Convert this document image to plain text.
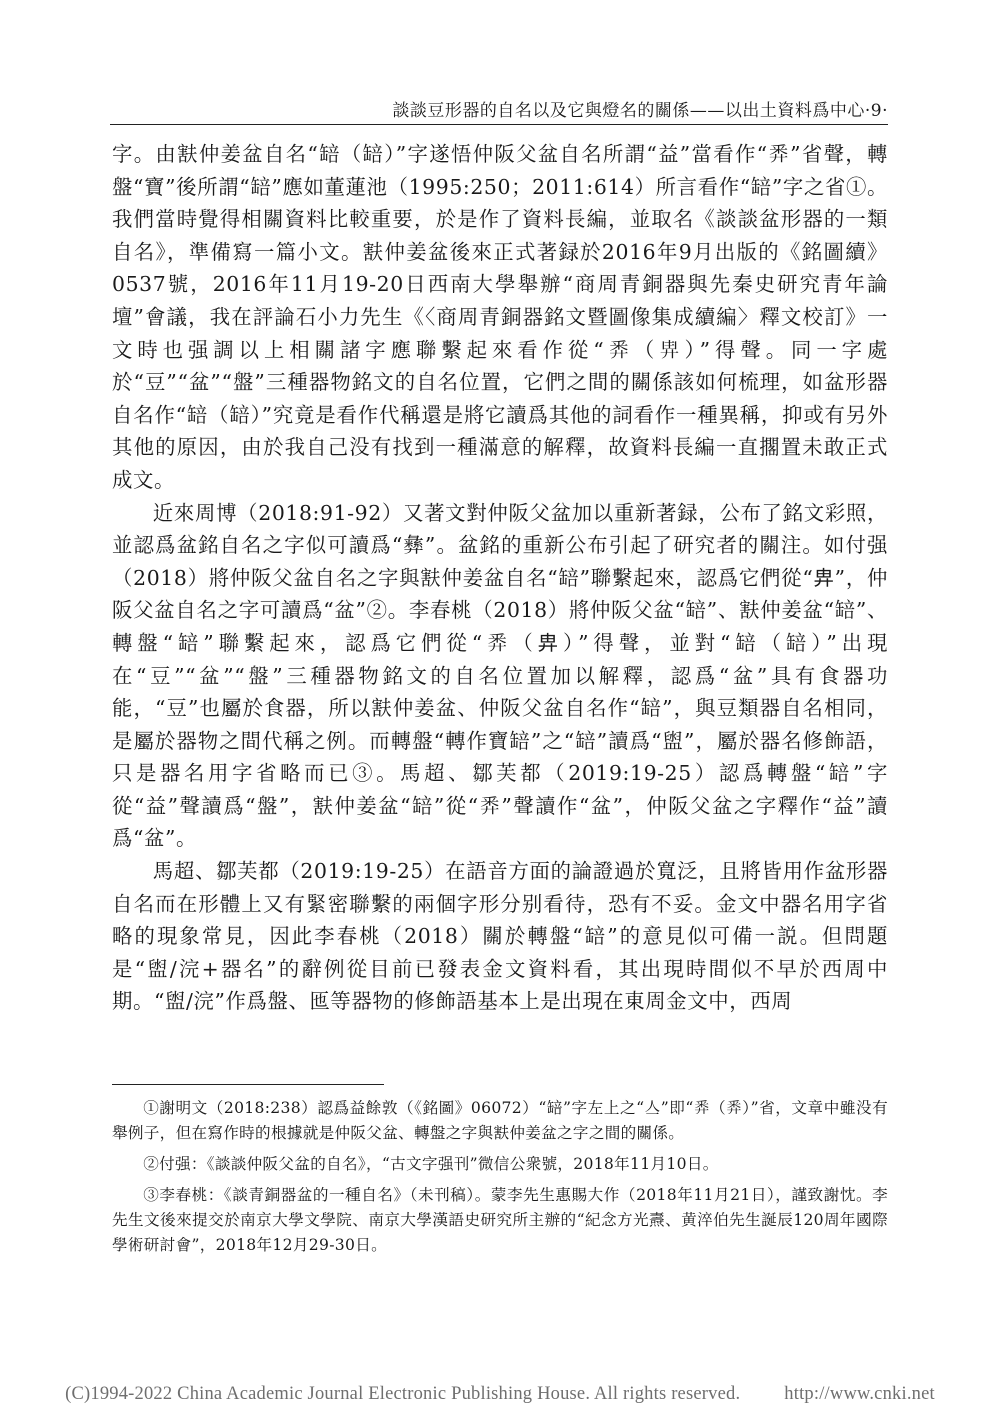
談談豆形器的自名以及它與燈名的關係——以出土資料爲中心·9·

字。由㝬仲姜盆自名“䍌（䍌）”字遂悟仲阪父盆自名所謂“益”當看作“𢍏”省聲，轉盤“寶”後所謂“䍌”應如董蓮池（1995:250；2011:614）所言看作“䍌”字之省①。我們當時覺得相關資料比較重要，於是作了資料長編，並取名《談談盆形器的一類自名》，準備寫一篇小文。㝬仲姜盆後來正式著録於2016年9月出版的《銘圖續》0537號，2016年11月19-20日西南大學舉辦“商周青銅器與先秦史研究青年論壇”會議，我在評論石小力先生《〈商周青銅器銘文暨圖像集成續編〉釋文校訂》一文時也强調以上相關諸字應聯繫起來看作從“𢍏（𢍁）”得聲。同一字處於“豆”“盆”“盤”三種器物銘文的自名位置，它們之間的關係該如何梳理，如盆形器自名作“䍌（䍌）”究竟是看作代稱還是將它讀爲其他的詞看作一種異稱，抑或有另外其他的原因，由於我自己没有找到一種滿意的解釋，故資料長編一直擱置未敢正式成文。

近來周博（2018:91-92）又著文對仲阪父盆加以重新著録，公布了銘文彩照，並認爲盆銘自名之字似可讀爲“彝”。盆銘的重新公布引起了研究者的關注。如付强（2018）將仲阪父盆自名之字與㝬仲姜盆自名“䍌”聯繫起來，認爲它們從“𢍁”，仲阪父盆自名之字可讀爲“盆”②。李春桃（2018）將仲阪父盆“䍌”、㝬仲姜盆“䍌”、轉盤“䍌”聯繫起來，認爲它們從“𢍏（𢍁）”得聲，並對“䍌（䍌）”出現在“豆”“盆”“盤”三種器物銘文的自名位置加以解釋，認爲“盆”具有食器功能，“豆”也屬於食器，所以㝬仲姜盆、仲阪父盆自名作“䍌”，與豆類器自名相同，是屬於器物之間代稱之例。而轉盤“轉作寶䍌”之“䍌”讀爲“盥”，屬於器名修飾語，只是器名用字省略而已③。馬超、鄒芙都（2019:19-25）認爲轉盤“䍌”字從“益”聲讀爲“盤”，㝬仲姜盆“䍌”從“𢍏”聲讀作“盆”，仲阪父盆之字釋作“益”讀爲“盆”。

馬超、鄒芙都（2019:19-25）在語音方面的論證過於寬泛，且將皆用作盆形器自名而在形體上又有緊密聯繫的兩個字形分别看待，恐有不妥。金文中器名用字省略的現象常見，因此李春桃（2018）關於轉盤“䍌”的意見似可備一説。但問題是“盥/浣+器名”的辭例從目前已發表金文資料看，其出現時間似不早於西周中期。“盥/浣”作爲盤、匜等器物的修飾語基本上是出現在東周金文中，西周

①謝明文（2018:238）認爲益餘敦（《銘圖》06072）“䍌”字左上之“亼”即“𢍏（𢍏）”省，文章中雖没有舉例子，但在寫作時的根據就是仲阪父盆、轉盤之字與㝬仲姜盆之字之間的關係。

②付强：《談談仲阪父盆的自名》，“古文字强刊”微信公衆號，2018年11月10日。

③李春桃：《談青銅器盆的一種自名》（未刊稿）。蒙李先生惠賜大作（2018年11月21日），謹致謝忱。李先生文後來提交於南京大學文學院、南京大學漢語史研究所主辦的“紀念方光燾、黄淬伯先生誕辰120周年國際學術研討會”，2018年12月29-30日。

(C)1994-2022 China Academic Journal Electronic Publishing House. All rights reserved. http://www.cnki.net
